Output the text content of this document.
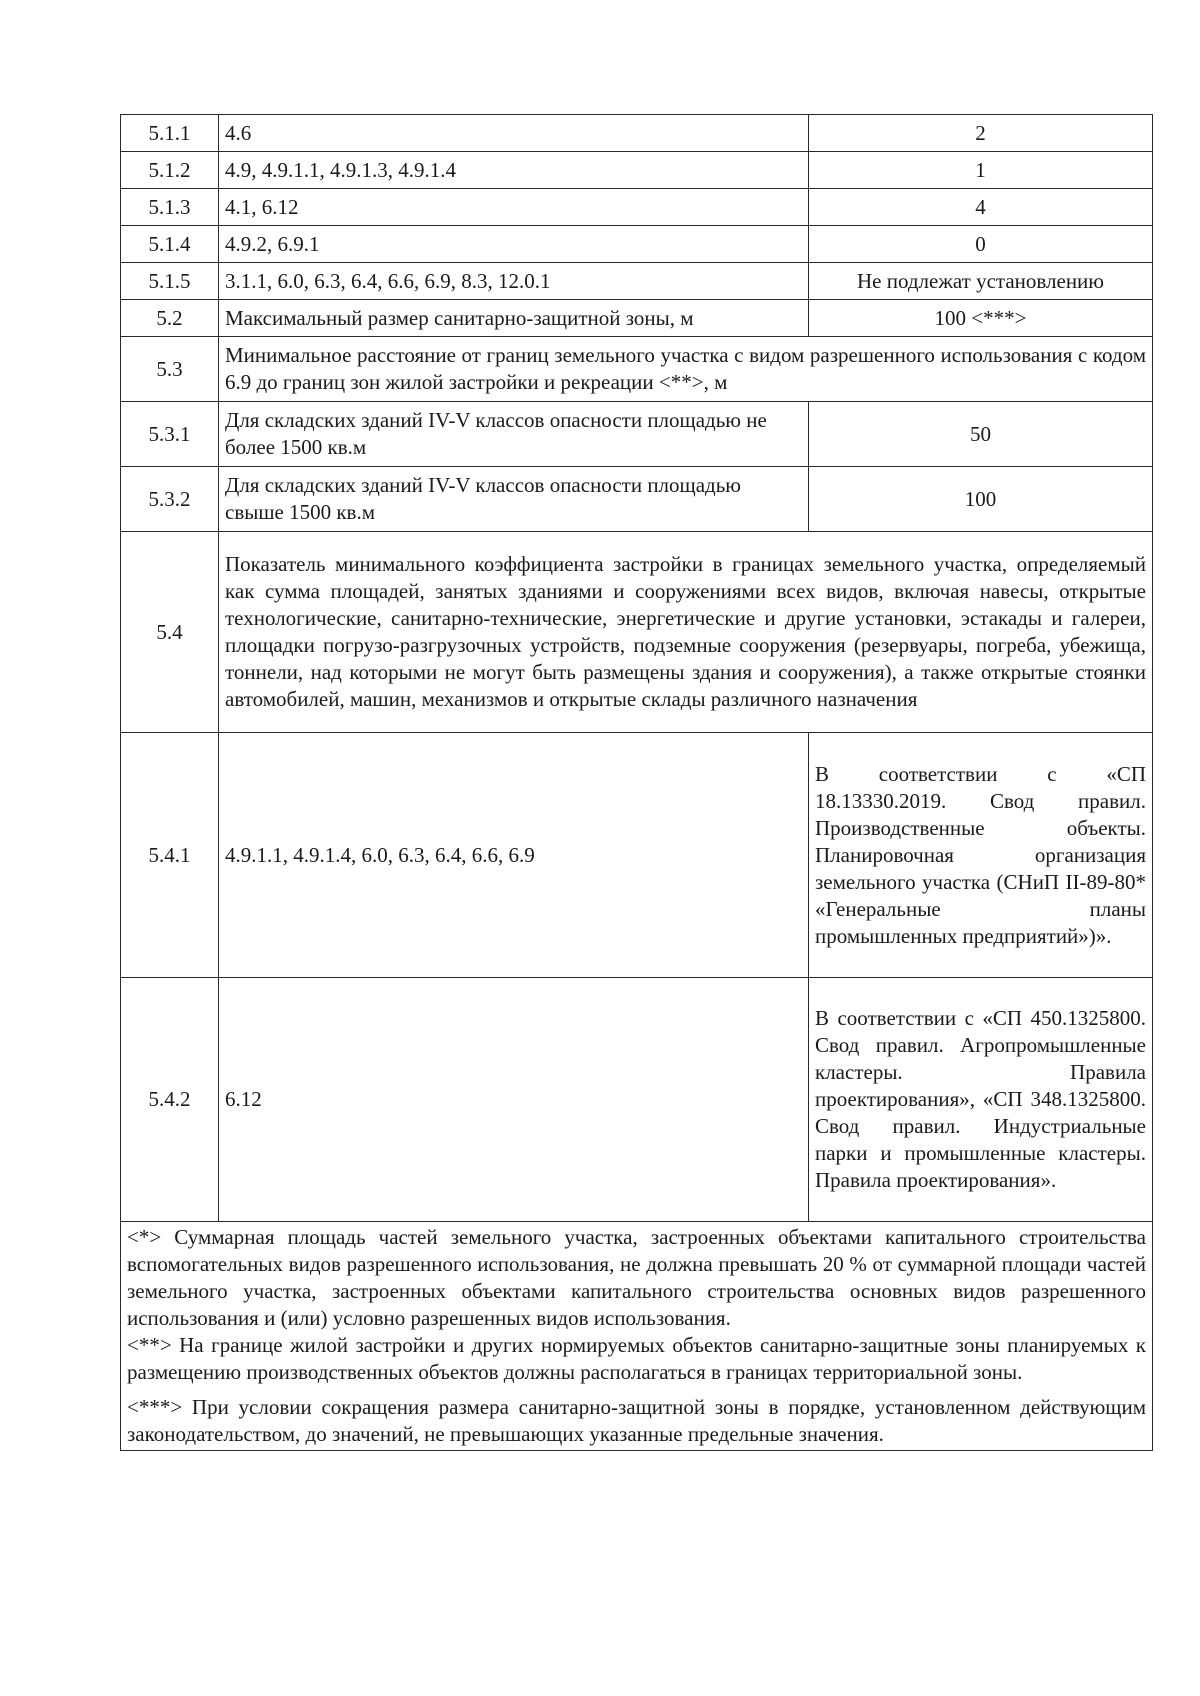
5.1.1	4.6	2
5.1.2	4.9, 4.9.1.1, 4.9.1.3, 4.9.1.4	1
5.1.3	4.1, 6.12	4
5.1.4	4.9.2, 6.9.1	0
5.1.5	3.1.1, 6.0, 6.3, 6.4, 6.6, 6.9, 8.3, 12.0.1	Не подлежат установлению
5.2	Максимальный размер санитарно-защитной зоны, м	100 <***>
5.3	Минимальное расстояние от границ земельного участка с видом разрешенного использования с кодом 6.9 до границ зон жилой застройки и рекреации <**>, м	
5.3.1	Для складских зданий IV-V классов опасности площадью не более 1500 кв.м	50
5.3.2	Для складских зданий IV-V классов опасности площадью свыше 1500 кв.м	100
5.4	Показатель минимального коэффициента застройки в границах земельного участка, определяемый как сумма площадей, занятых зданиями и сооружениями всех видов, включая навесы, открытые технологические, санитарно-технические, энергетические и другие установки, эстакады и галереи, площадки погрузо-разгрузочных устройств, подземные сооружения (резервуары, погреба, убежища, тоннели, над которыми не могут быть размещены здания и сооружения), а также открытые стоянки автомобилей, машин, механизмов и открытые склады различного назначения	
5.4.1	4.9.1.1, 4.9.1.4, 6.0, 6.3, 6.4, 6.6, 6.9	В соответствии с «СП 18.13330.2019. Свод правил. Производственные объекты. Планировочная организация земельного участка (СНиП II-89-80* «Генеральные планы промышленных предприятий»)».
5.4.2	6.12	В соответствии с «СП 450.1325800. Свод правил. Агропромышленные кластеры. Правила проектирования», «СП 348.1325800. Свод правил. Индустриальные парки и промышленные кластеры. Правила проектирования».

<*> Суммарная площадь частей земельного участка, застроенных объектами капитального строительства вспомогательных видов разрешенного использования, не должна превышать 20 % от суммарной площади частей земельного участка, застроенных объектами капитального строительства основных видов разрешенного использования и (или) условно разрешенных видов использования.

<**> На границе жилой застройки и других нормируемых объектов санитарно-защитные зоны планируемых к размещению производственных объектов должны располагаться в границах территориальной зоны.

<***> При условии сокращения размера санитарно-защитной зоны в порядке, установленном действующим законодательством, до значений, не превышающих указанные предельные значения.		
